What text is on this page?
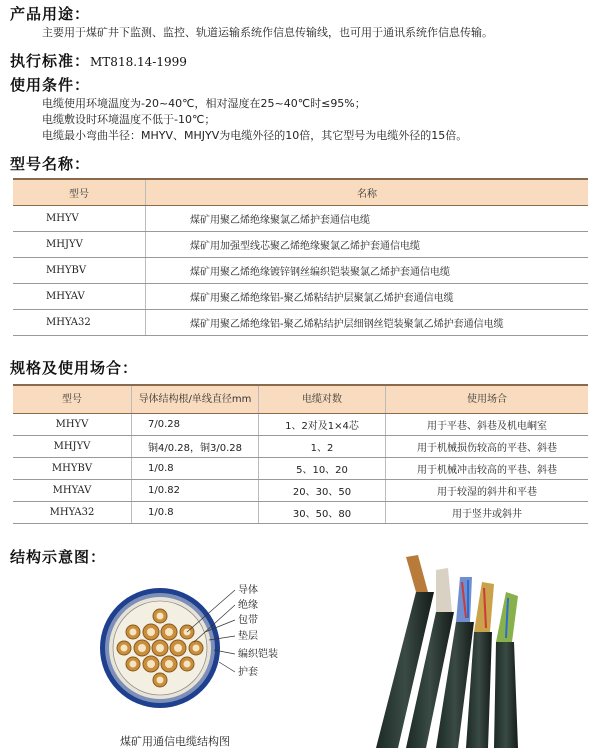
产品用途：
主要用于煤矿井下监测、监控、轨道运输系统作信息传输线，也可用于通讯系统作信息传输。
执行标准：MT818.14-1999
使用条件：
电缆使用环境温度为-20~40℃，相对湿度在25~40℃时≤95%；
电缆敷设时环境温度不低于-10℃；
电缆最小弯曲半径：MHYV、MHJYV为电缆外径的10倍，其它型号为电缆外径的15倍。
型号名称：
型号	名称
MHYV	煤矿用聚乙烯绝缘聚氯乙烯护套通信电缆
MHJYV	煤矿用加强型线芯聚乙烯绝缘聚氯乙烯护套通信电缆
MHYBV	煤矿用聚乙烯绝缘镀锌钢丝编织铠装聚氯乙烯护套通信电缆
MHYAV	煤矿用聚乙烯绝缘铝-聚乙烯粘结护层聚氯乙烯护套通信电缆
MHYA32	煤矿用聚乙烯绝缘铝-聚乙烯粘结护层细钢丝铠装聚氯乙烯护套通信电缆
规格及使用场合：
型号	导体结构根/单线直径mm	电缆对数	使用场合
MHYV	7/0.28	1、2对及1×4芯	用于平巷、斜巷及机电峒室
MHJYV	铜4/0.28，铜3/0.28	1、2	用于机械损伤较高的平巷、斜巷
MHYBV	1/0.8	5、10、20	用于机械冲击较高的平巷、斜巷
MHYAV	1/0.82	20、30、50	用于较湿的斜井和平巷
MHYA32	1/0.8	30、50、80	用于竖井或斜井
结构示意图：
导体
绝缘
包带
垫层
编织铠装
护套
煤矿用通信电缆结构图
